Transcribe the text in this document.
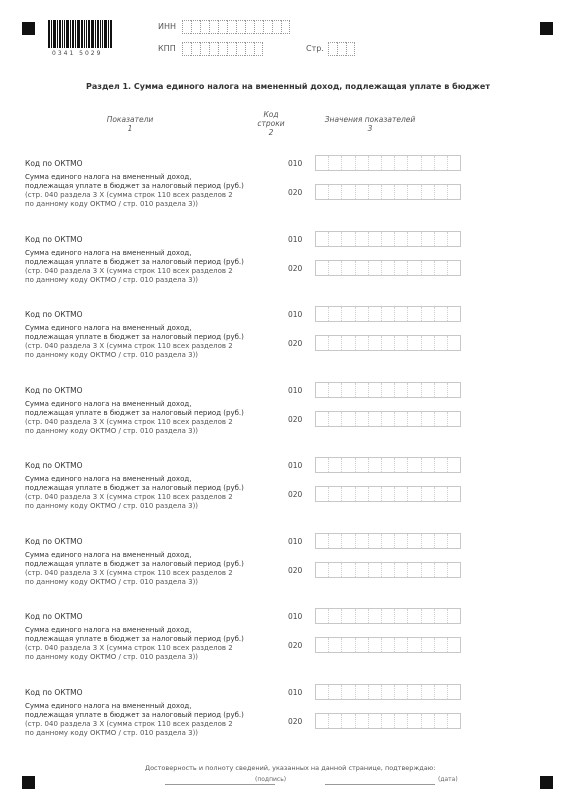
0341 5029
ИНН
КПП	Стр.
Раздел 1. Сумма единого налога на вмененный доход, подлежащая уплате в бюджет
Показатели
1
Код строки
2
Значения показателей
3
Код по ОКТМО	010
Сумма единого налога на вмененный доход,
подлежащая уплате в бюджет за налоговый период (руб.)
(стр. 040 раздела 3 Х (сумма строк 110 всех разделов 2
по данному коду ОКТМО / стр. 010 раздела 3))
020
Код по ОКТМО	010
Сумма единого налога на вмененный доход,
подлежащая уплате в бюджет за налоговый период (руб.)
(стр. 040 раздела 3 Х (сумма строк 110 всех разделов 2
по данному коду ОКТМО / стр. 010 раздела 3))
020
Код по ОКТМО	010
Сумма единого налога на вмененный доход,
подлежащая уплате в бюджет за налоговый период (руб.)
(стр. 040 раздела 3 Х (сумма строк 110 всех разделов 2
по данному коду ОКТМО / стр. 010 раздела 3))
020
Код по ОКТМО	010
Сумма единого налога на вмененный доход,
подлежащая уплате в бюджет за налоговый период (руб.)
(стр. 040 раздела 3 Х (сумма строк 110 всех разделов 2
по данному коду ОКТМО / стр. 010 раздела 3))
020
Код по ОКТМО	010
Сумма единого налога на вмененный доход,
подлежащая уплате в бюджет за налоговый период (руб.)
(стр. 040 раздела 3 Х (сумма строк 110 всех разделов 2
по данному коду ОКТМО / стр. 010 раздела 3))
020
Код по ОКТМО	010
Сумма единого налога на вмененный доход,
подлежащая уплате в бюджет за налоговый период (руб.)
(стр. 040 раздела 3 Х (сумма строк 110 всех разделов 2
по данному коду ОКТМО / стр. 010 раздела 3))
020
Код по ОКТМО	010
Сумма единого налога на вмененный доход,
подлежащая уплате в бюджет за налоговый период (руб.)
(стр. 040 раздела 3 Х (сумма строк 110 всех разделов 2
по данному коду ОКТМО / стр. 010 раздела 3))
020
Код по ОКТМО	010
Сумма единого налога на вмененный доход,
подлежащая уплате в бюджет за налоговый период (руб.)
(стр. 040 раздела 3 Х (сумма строк 110 всех разделов 2
по данному коду ОКТМО / стр. 010 раздела 3))
020
Достоверность и полноту сведений, указанных на данной странице, подтверждаю:
(подпись)	(дата)
